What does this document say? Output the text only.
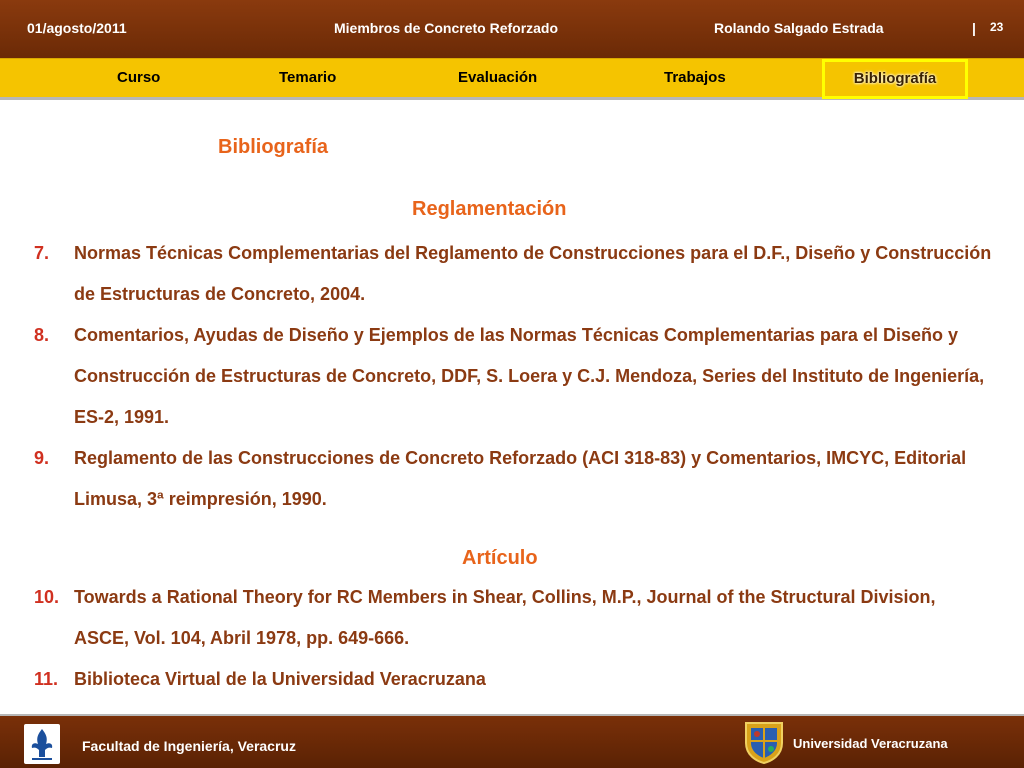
01/agosto/2011	Miembros de Concreto Reforzado	Rolando Salgado Estrada	| 23
Curso	Temario	Evaluación	Trabajos	Bibliografía
Bibliografía
Reglamentación
7. Normas Técnicas Complementarias del Reglamento de Construcciones para el D.F., Diseño y Construcción de Estructuras de Concreto, 2004.
8. Comentarios, Ayudas de Diseño y Ejemplos de las Normas Técnicas Complementarias para el Diseño y Construcción de Estructuras de Concreto, DDF, S. Loera y C.J. Mendoza, Series del Instituto de Ingeniería, ES-2, 1991.
9. Reglamento de las Construcciones de Concreto Reforzado (ACI 318-83) y Comentarios, IMCYC, Editorial Limusa, 3ª reimpresión, 1990.
Artículo
10. Towards a Rational Theory for RC Members in Shear, Collins, M.P., Journal of the Structural Division, ASCE, Vol. 104, Abril 1978, pp. 649-666.
11. Biblioteca Virtual de la Universidad Veracruzana
Facultad de Ingeniería, Veracruz	Universidad Veracruzana
